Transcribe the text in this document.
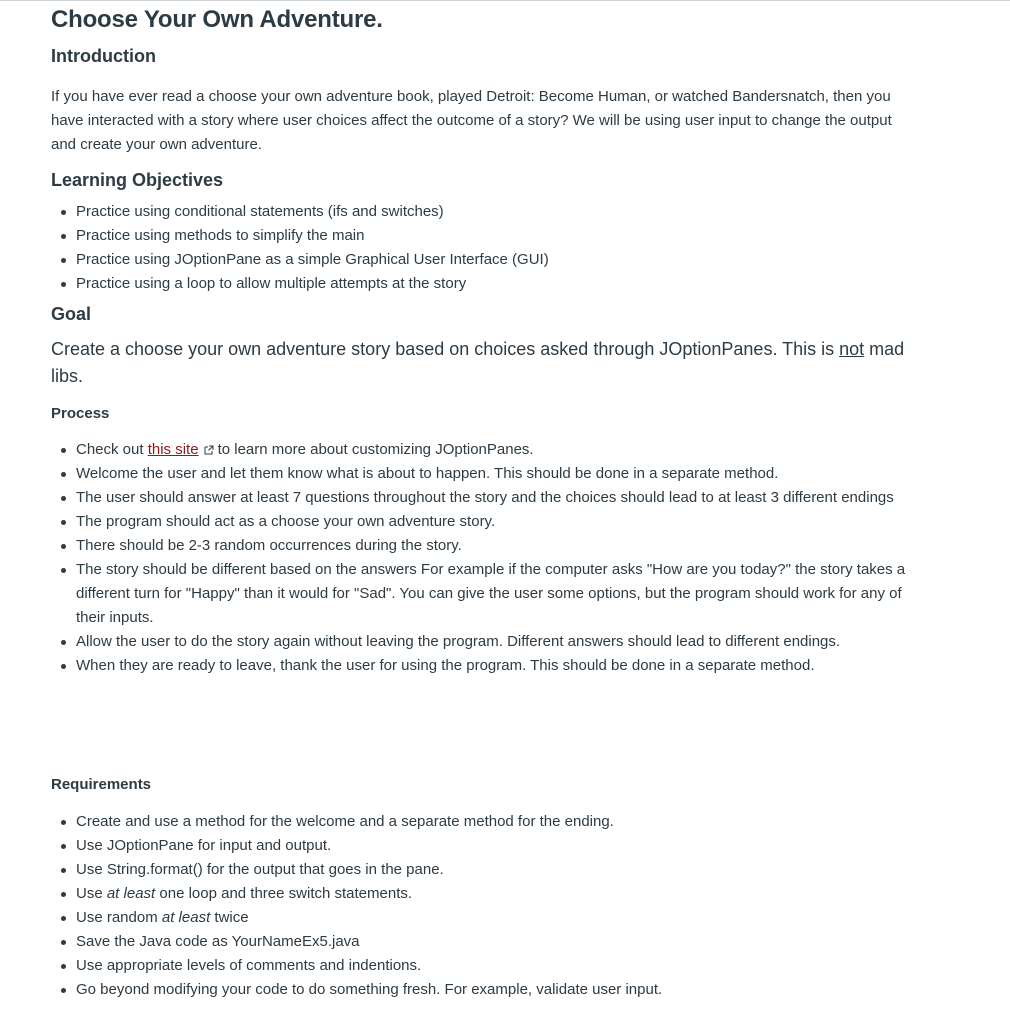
Choose Your Own Adventure.
Introduction

If you have ever read a choose your own adventure book, played Detroit: Become Human, or watched Bandersnatch, then you have interacted with a story where user choices affect the outcome of a story? We will be using user input to change the output and create your own adventure.

Learning Objectives
Practice using conditional statements (ifs and switches)
Practice using methods to simplify the main
Practice using JOptionPane as a simple Graphical User Interface (GUI)
Practice using a loop to allow multiple attempts at the story
Goal

Create a choose your own adventure story based on choices asked through JOptionPanes. This is not mad libs.

Process
Check out this site to learn more about customizing JOptionPanes.
Welcome the user and let them know what is about to happen. This should be done in a separate method.
The user should answer at least 7 questions throughout the story and the choices should lead to at least 3 different endings
The program should act as a choose your own adventure story.
There should be 2-3 random occurrences during the story.
The story should be different based on the answers For example if the computer asks "How are you today?" the story takes a different turn for "Happy" than it would for "Sad". You can give the user some options, but the program should work for any of their inputs.
Allow the user to do the story again without leaving the program. Different answers should lead to different endings.
When they are ready to leave, thank the user for using the program. This should be done in a separate method.
Requirements
Create and use a method for the welcome and a separate method for the ending.
Use JOptionPane for input and output.
Use String.format() for the output that goes in the pane.
Use at least one loop and three switch statements.
Use random at least twice
Save the Java code as YourNameEx5.java
Use appropriate levels of comments and indentions.
Go beyond modifying your code to do something fresh. For example, validate user input.
